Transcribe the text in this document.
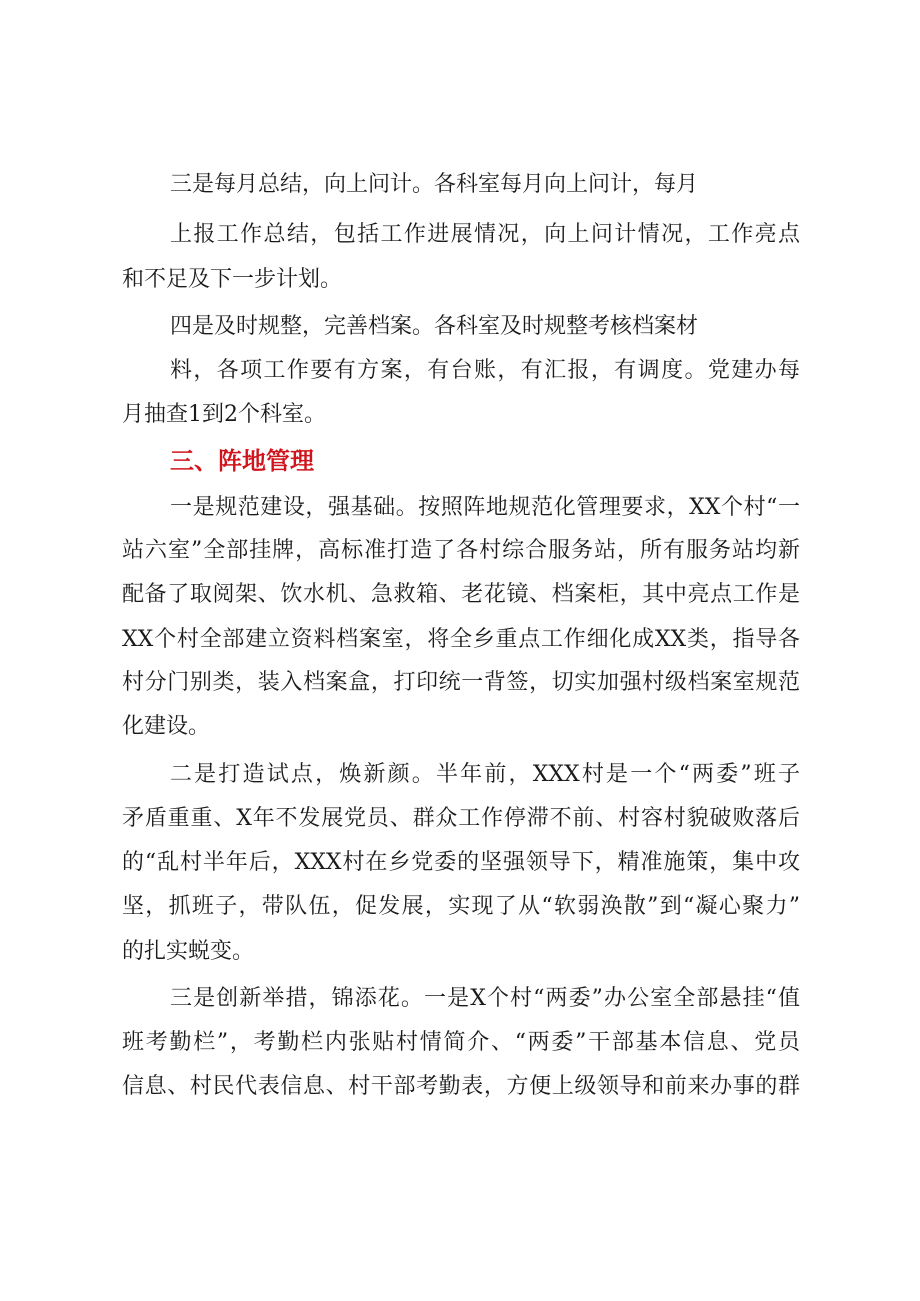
三是每月总结，向上问计。各科室每月向上问计，每月
上报工作总结，包括工作进展情况，向上问计情况，工作亮点
和不足及下一步计划。
四是及时规整，完善档案。各科室及时规整考核档案材
料，各项工作要有方案，有台账，有汇报，有调度。党建办每
月抽查1到2个科室。
三、阵地管理
一是规范建设，强基础。按照阵地规范化管理要求，XX个村“一
站六室”全部挂牌，高标准打造了各村综合服务站，所有服务站均新
配备了取阅架、饮水机、急救箱、老花镜、档案柜，其中亮点工作是
XX个村全部建立资料档案室，将全乡重点工作细化成XX类，指导各
村分门别类，装入档案盒，打印统一背签，切实加强村级档案室规范
化建设。
二是打造试点，焕新颜。半年前，XXX村是一个“两委”班子
矛盾重重、X年不发展党员、群众工作停滞不前、村容村貌破败落后
的“乱村半年后，XXX村在乡党委的坚强领导下，精准施策，集中攻
坚，抓班子，带队伍，促发展，实现了从“软弱涣散”到“凝心聚力”
的扎实蜕变。
三是创新举措，锦添花。一是X个村“两委”办公室全部悬挂“值
班考勤栏”，考勤栏内张贴村情简介、“两委”干部基本信息、党员
信息、村民代表信息、村干部考勤表，方便上级领导和前来办事的群
